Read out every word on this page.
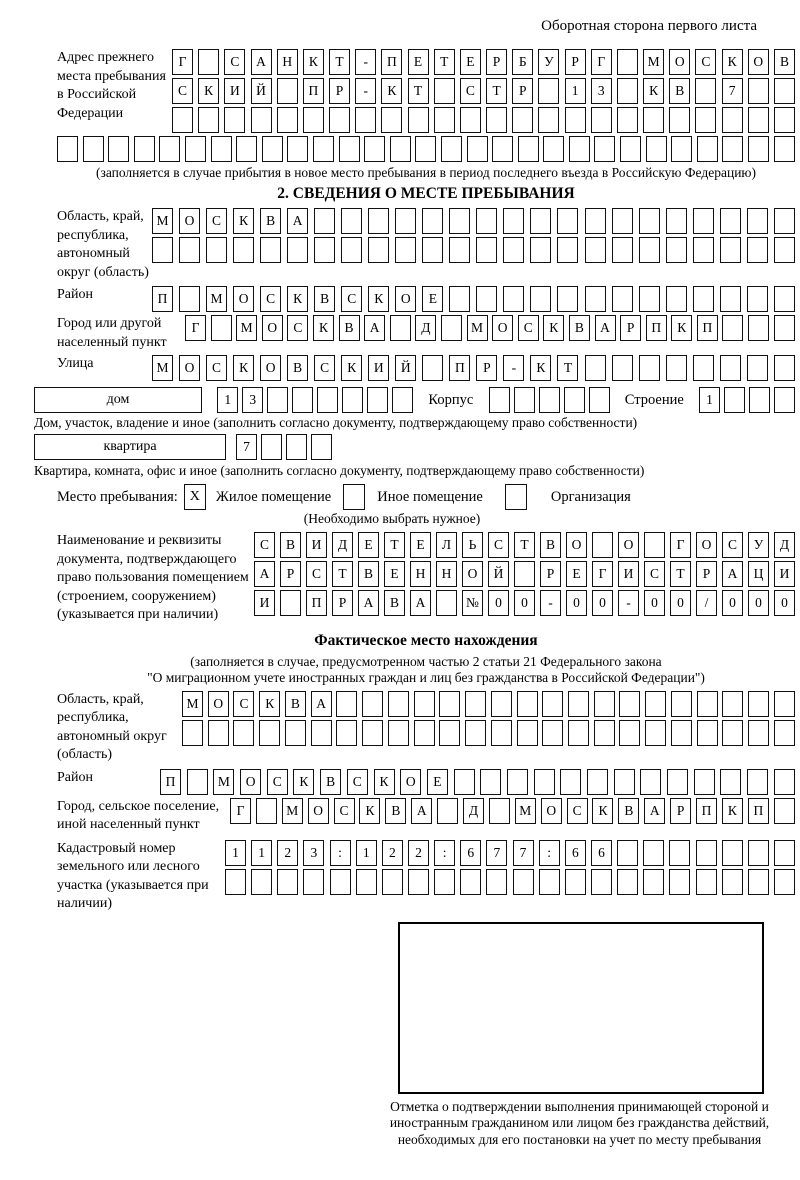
Оборотная сторона первого листа
Адрес прежнего места пребывания в Российской Федерации
Г	С	А	Н	К	Т	-	П	Е	Т	Е	Р	Б	У	Р	Г	М	О	С	К	О	В
С	К	И	Й	П	Р	-	К	Т	С	Т	Р	1	3	К	В	7
(заполняется в случае прибытия в новое место пребывания в период последнего въезда в Российскую Федерацию)
2. СВЕДЕНИЯ О МЕСТЕ ПРЕБЫВАНИЯ
Область, край, республика, автономный округ (область)
М	О	С	К	В	А
Район	П	М	О	С	К	В	С	К	О	Е
Город или другой населенный пункт
Г	М	О	С	К	В	А	Д	М	О	С	К	В	А	Р	П	К	П
Улица	М	О	С	К	О	В	С	К	И	Й	П	Р	-	К	Т
дом	1	3	Корпус	Строение	1
Дом, участок, владение и иное (заполнить согласно документу, подтверждающему право собственности)
квартира	7
Квартира, комната, офис и иное (заполнить согласно документу, подтверждающему право собственности)
Место пребывания: X	Жилое помещение	Иное помещение	Организация
(Необходимо выбрать нужное)
Наименование и реквизиты документа, подтверждающего право пользования помещением (строением, сооружением) (указывается при наличии)
С	В	И	Д	Е	Т	Е	Л	Ь	С	Т	В	О	О	Г	О	С	У	Д
А	Р	С	Т	В	Е	Н	Н	О	Й	Р	Е	Г	И	С	Т	Р	А	Ц	И
И	П	Р	А	В	А	№	0	0	-	0	0	-	0	0	/	0	0	0
Фактическое место нахождения
(заполняется в случае, предусмотренном частью 2 статьи 21 Федерального закона
"О миграционном учете иностранных граждан и лиц без гражданства в Российской Федерации")
Область, край, республика, автономный округ (область)
М	О	С	К	В	А
Район	П	М	О	С	К	В	С	К	О	Е
Город, сельское поселение, иной населенный пункт
Г	М	О	С	К	В	А	Д	М	О	С	К	В	А	Р	П	К	П
Кадастровый номер земельного или лесного участка (указывается при наличии)
1	1	2	3	:	1	2	2	:	6	7	7	:	6	6
Отметка о подтверждении выполнения принимающей стороной и иностранным гражданином или лицом без гражданства действий, необходимых для его постановки на учет по месту пребывания
